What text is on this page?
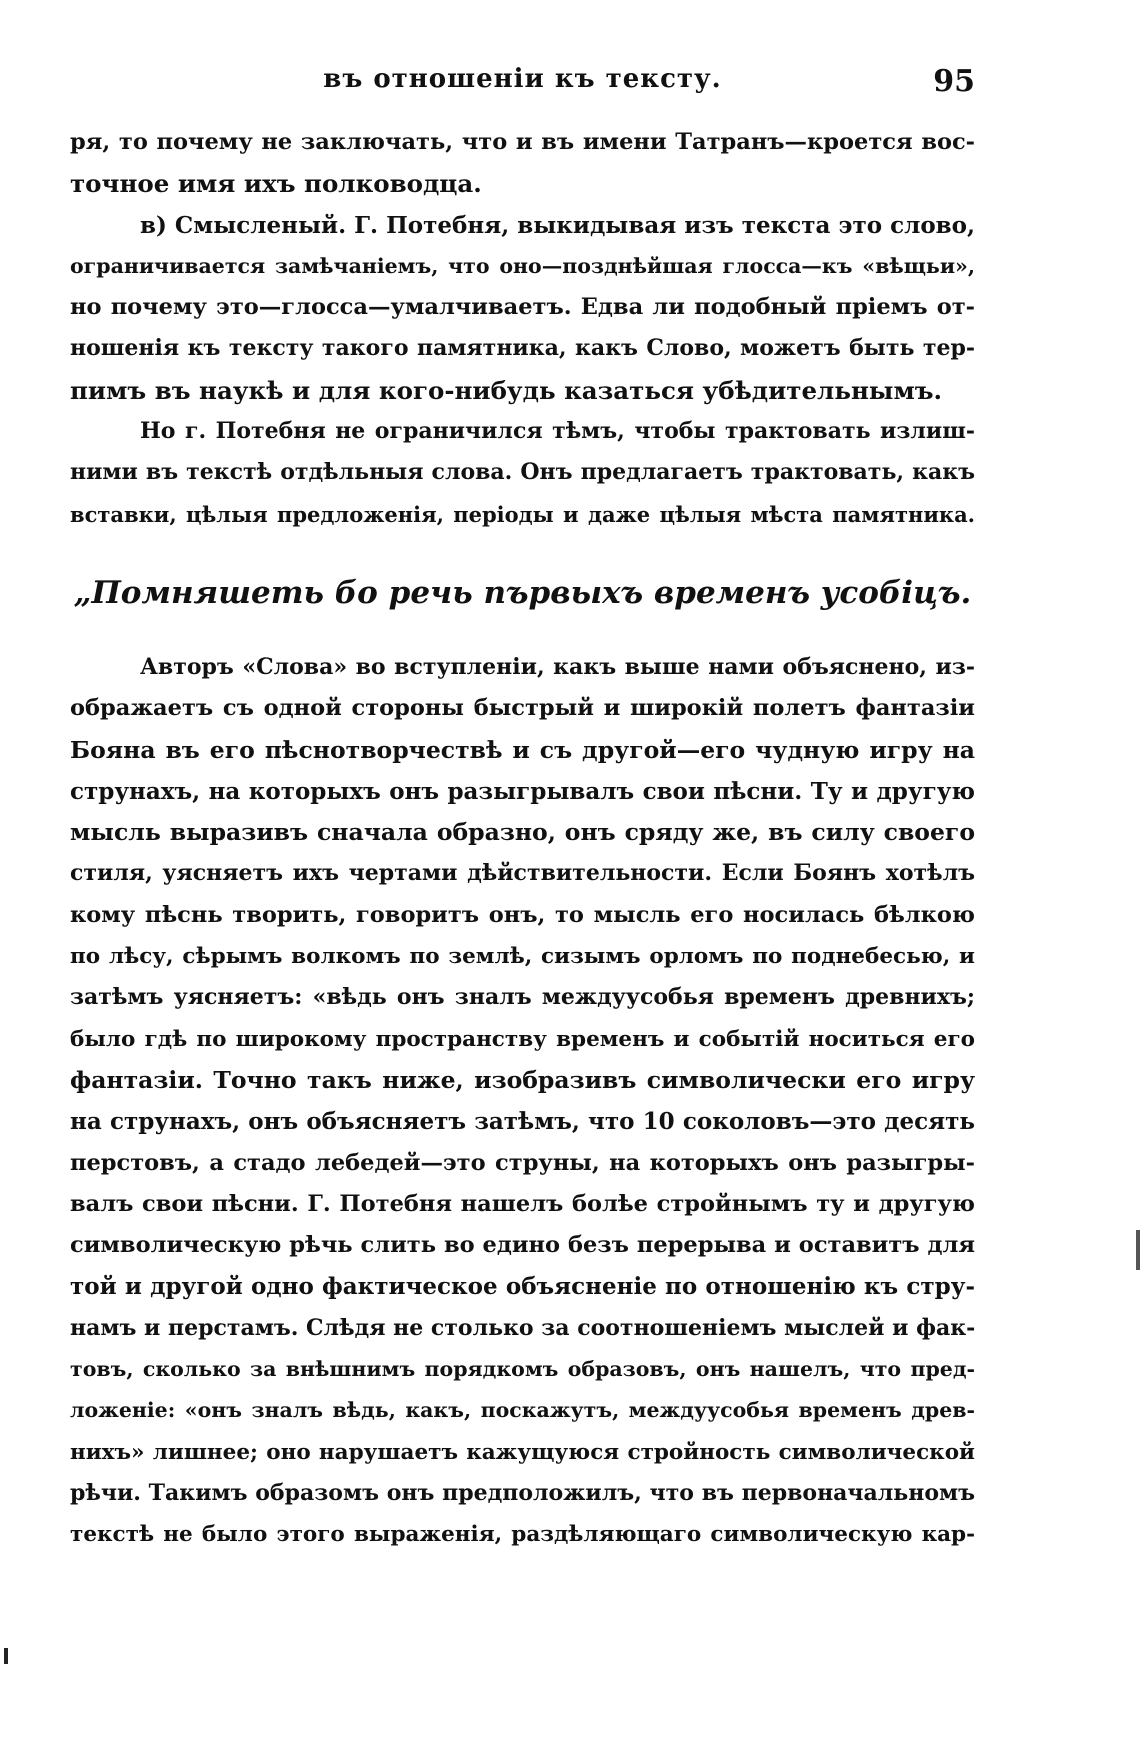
въ отношеніи къ тексту.	95
ря, то почему не заключать, что и въ имени Татранъ—кроется вос-
точное имя ихъ полководца.
в) Смысленый. Г. Потебня, выкидывая изъ текста это слово,
ограничивается замѣчаніемъ, что оно—позднѣйшая глосса—къ «вѣщьи»,
но почему это—глосса—умалчиваетъ. Едва ли подобный пріемъ от-
ношенія къ тексту такого памятника, какъ Слово, можетъ быть тер-
пимъ въ наукѣ и для кого-нибудь казаться убѣдительнымъ.
Но г. Потебня не ограничился тѣмъ, чтобы трактовать излиш-
ними въ текстѣ отдѣльныя слова. Онъ предлагаетъ трактовать, какъ
вставки, цѣлыя предложенія, періоды и даже цѣлыя мѣста памятника.
„Помняшеть бо речь първыхъ временъ усобіцъ.
Авторъ «Слова» во вступленіи, какъ выше нами объяснено, из-
ображаетъ съ одной стороны быстрый и широкій полетъ фантазіи
Бояна въ его пѣснотворчествѣ и съ другой—его чудную игру на
струнахъ, на которыхъ онъ разыгрывалъ свои пѣсни. Ту и другую
мысль выразивъ сначала образно, онъ сряду же, въ силу своего
стиля, уясняетъ ихъ чертами дѣйствительности. Если Боянъ хотѣлъ
кому пѣснь творить, говоритъ онъ, то мысль его носилась бѣлкою
по лѣсу, сѣрымъ волкомъ по землѣ, сизымъ орломъ по поднебесью, и
затѣмъ уясняетъ: «вѣдь онъ зналъ междуусобья временъ древнихъ;
было гдѣ по широкому пространству временъ и событій носиться его
фантазіи. Точно такъ ниже, изобразивъ символически его игру
на струнахъ, онъ объясняетъ затѣмъ, что 10 соколовъ—это десять
перстовъ, а стадо лебедей—это струны, на которыхъ онъ разыгры-
валъ свои пѣсни. Г. Потебня нашелъ болѣе стройнымъ ту и другую
символическую рѣчь слить во едино безъ перерыва и оставитъ для
той и другой одно фактическое объясненіе по отношенію къ стру-
намъ и перстамъ. Слѣдя не столько за соотношеніемъ мыслей и фак-
товъ, сколько за внѣшнимъ порядкомъ образовъ, онъ нашелъ, что пред-
ложеніе: «онъ зналъ вѣдь, какъ, поскажутъ, междуусобья временъ древ-
нихъ» лишнее; оно нарушаетъ кажущуюся стройность символической
рѣчи. Такимъ образомъ онъ предположилъ, что въ первоначальномъ
текстѣ не было этого выраженія, раздѣляющаго символическую кар-
